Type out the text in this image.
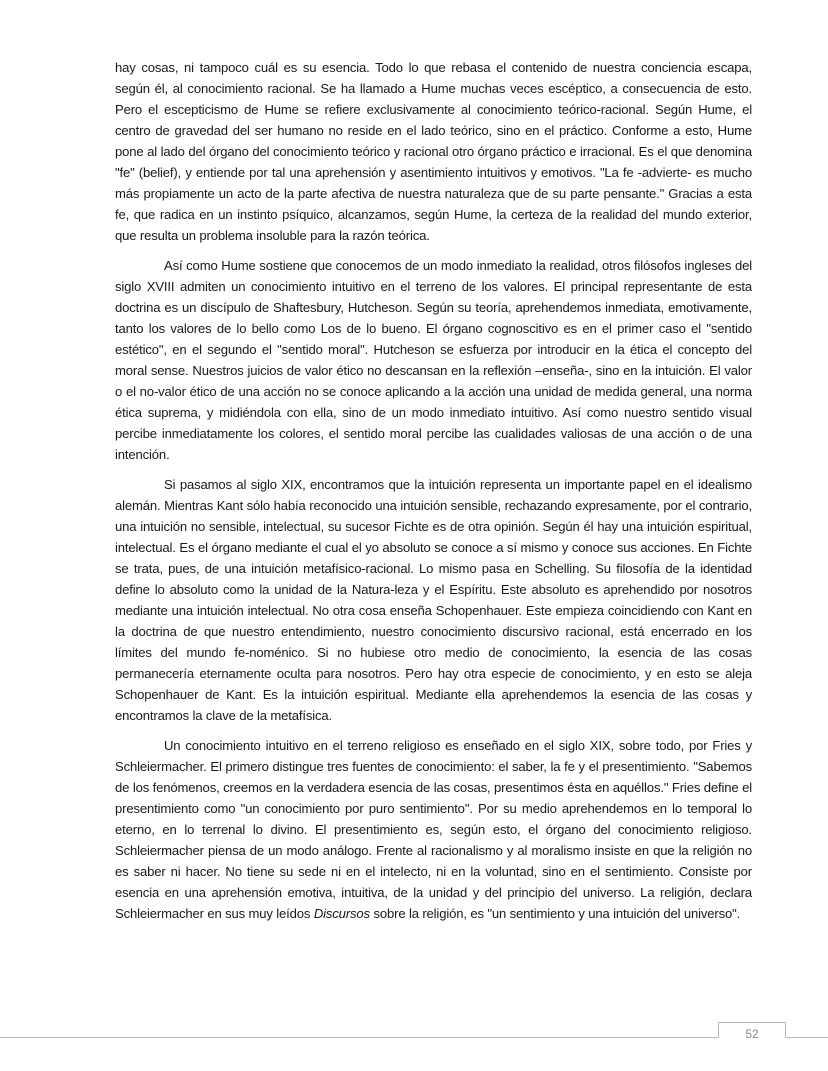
hay cosas, ni tampoco cuál es su esencia. Todo lo que rebasa el contenido de nuestra conciencia escapa, según él, al conocimiento racional. Se ha llamado a Hume muchas veces escéptico, a consecuencia de esto. Pero el escepticismo de Hume se refiere exclusivamente al conocimiento teórico-racional. Según Hume, el centro de gravedad del ser humano no reside en el lado teórico, sino en el práctico. Conforme a esto, Hume pone al lado del órgano del conocimiento teórico y racional otro órgano práctico e irracional. Es el que denomina "fe" (belief), y entiende por tal una aprehensión y asentimiento intuitivos y emotivos. "La fe -advierte- es mucho más propiamente un acto de la parte afectiva de nuestra naturaleza que de su parte pensante." Gracias a esta fe, que radica en un instinto psíquico, alcanzamos, según Hume, la certeza de la realidad del mundo exterior, que resulta un problema insoluble para la razón teórica.

Así como Hume sostiene que conocemos de un modo inmediato la realidad, otros filósofos ingleses del siglo XVIII admiten un conocimiento intuitivo en el terreno de los valores. El principal representante de esta doctrina es un discípulo de Shaftesbury, Hutcheson. Según su teoría, aprehendemos inmediata, emotivamente, tanto los valores de lo bello como Los de lo bueno. El órgano cognoscitivo es en el primer caso el "sentido estético", en el segundo el "sentido moral". Hutcheson se esfuerza por introducir en la ética el concepto del moral sense. Nuestros juicios de valor ético no descansan en la reflexión –enseña-, sino en la intuición. El valor o el no-valor ético de una acción no se conoce aplicando a la acción una unidad de medida general, una norma ética suprema, y midiéndola con ella, sino de un modo inmediato intuitivo. Así como nuestro sentido visual percibe inmediatamente los colores, el sentido moral percibe las cualidades valiosas de una acción o de una intención.

Si pasamos al siglo XIX, encontramos que la intuición representa un importante papel en el idealismo alemán. Mientras Kant sólo había reconocido una intuición sensible, rechazando expresamente, por el contrario, una intuición no sensible, intelectual, su sucesor Fichte es de otra opinión. Según él hay una intuición espiritual, intelectual. Es el órgano mediante el cual el yo absoluto se conoce a sí mismo y conoce sus acciones. En Fichte se trata, pues, de una intuición metafísico-racional. Lo mismo pasa en Schelling. Su filosofía de la identidad define lo absoluto como la unidad de la Natura-leza y el Espíritu. Este absoluto es aprehendido por nosotros mediante una intuición intelectual. No otra cosa enseña Schopenhauer. Este empieza coincidiendo con Kant en la doctrina de que nuestro entendimiento, nuestro conocimiento discursivo racional, está encerrado en los límites del mundo fe-noménico. Si no hubiese otro medio de conocimiento, la esencia de las cosas permanecería eternamente oculta para nosotros. Pero hay otra especie de conocimiento, y en esto se aleja Schopenhauer de Kant. Es la intuición espiritual. Mediante ella aprehendemos la esencia de las cosas y encontramos la clave de la metafísica.

Un conocimiento intuitivo en el terreno religioso es enseñado en el siglo XIX, sobre todo, por Fries y Schleiermacher. El primero distingue tres fuentes de conocimiento: el saber, la fe y el presentimiento. "Sabemos de los fenómenos, creemos en la verdadera esencia de las cosas, presentimos ésta en aquéllos." Fries define el presentimiento como "un conocimiento por puro sentimiento". Por su medio aprehendemos en lo temporal lo eterno, en lo terrenal lo divino. El presentimiento es, según esto, el órgano del conocimiento religioso. Schleiermacher piensa de un modo análogo. Frente al racionalismo y al moralismo insiste en que la religión no es saber ni hacer. No tiene su sede ni en el intelecto, ni en la voluntad, sino en el sentimiento. Consiste por esencia en una aprehensión emotiva, intuitiva, de la unidad y del principio del universo. La religión, declara Schleiermacher en sus muy leídos Discursos sobre la religión, es "un sentimiento y una intuición del universo".

52
